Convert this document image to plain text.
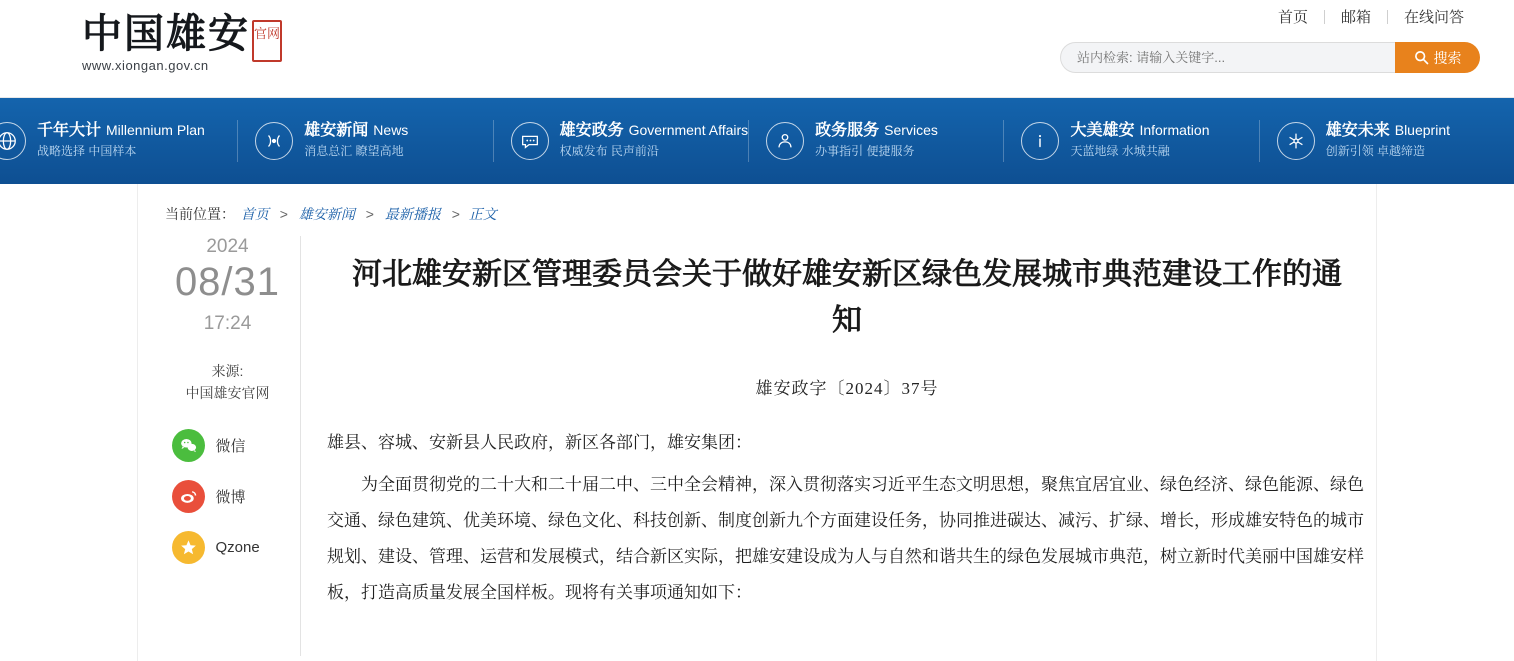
中国雄安
www.xiongan.gov.cn
官网
首页	邮箱	在线问答
站内检索: 请输入关键字...
搜索
千年大计 Millennium Plan 战略选择 中国样本
雄安新闻 News 消息总汇 瞭望高地
雄安政务 Government Affairs 权威发布 民声前沿
政务服务 Services 办事指引 便捷服务
大美雄安 Information 天蓝地绿 水城共融
雄安未来 Blueprint 创新引领 卓越缔造
当前位置： 首页 > 雄安新闻 > 最新播报 > 正文
2024
08/31
17:24
来源:
中国雄安官网
微信
微博
Qzone
河北雄安新区管理委员会关于做好雄安新区绿色发展城市典范建设工作的通知
雄安政字〔2024〕37号

雄县、容城、安新县人民政府，新区各部门，雄安集团：

为全面贯彻党的二十大和二十届二中、三中全会精神，深入贯彻落实习近平生态文明思想，聚焦宜居宜业、绿色经济、绿色能源、绿色交通、绿色建筑、优美环境、绿色文化、科技创新、制度创新九个方面建设任务，协同推进碳达、减污、扩绿、增长，形成雄安特色的城市规划、建设、管理、运营和发展模式，结合新区实际，把雄安建设成为人与自然和谐共生的绿色发展城市典范，树立新时代美丽中国雄安样板，打造高质量发展全国样板。现将有关事项通知如下：
